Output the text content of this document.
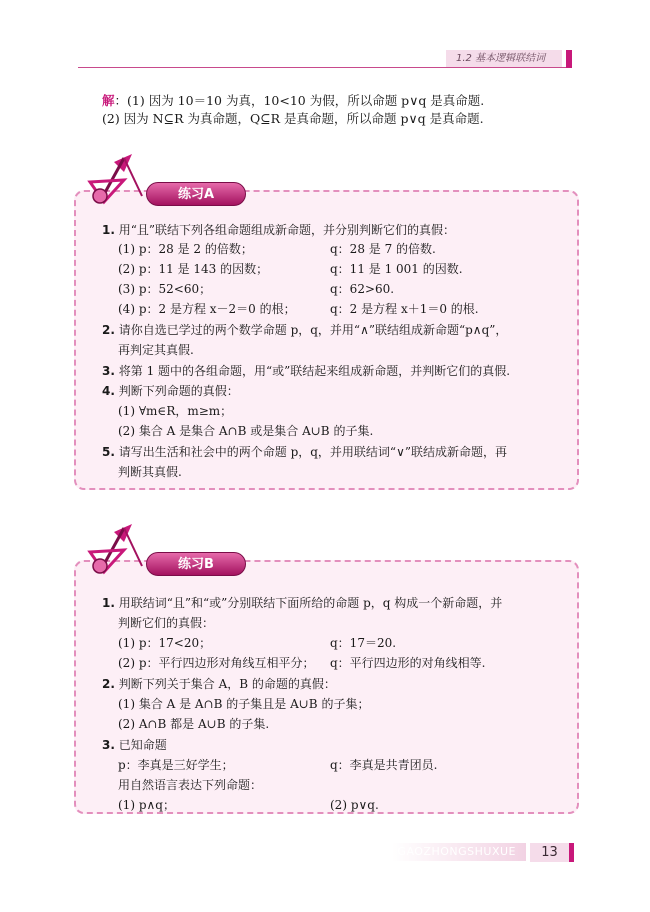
1.2 基本逻辑联结词
解：(1) 因为 10＝10 为真，10<10 为假，所以命题 p∨q 是真命题.
(2) 因为 N⊆R 为真命题，Q⊆R 是真命题，所以命题 p∨q 是真命题.
练习A
1. 用“且”联结下列各组命题组成新命题，并分别判断它们的真假：
(1) p：28 是 2 的倍数；	q：28 是 7 的倍数.
(2) p：11 是 143 的因数；	q：11 是 1 001 的因数.
(3) p：52<60；	q：62>60.
(4) p：2 是方程 x－2＝0 的根；	q：2 是方程 x＋1＝0 的根.
2. 请你自选已学过的两个数学命题 p，q，并用“∧”联结组成新命题“p∧q”，
再判定其真假.
3. 将第 1 题中的各组命题，用“或”联结起来组成新命题，并判断它们的真假.
4. 判断下列命题的真假：
(1) ∀m∈R，m≥m；
(2) 集合 A 是集合 A∩B 或是集合 A∪B 的子集.
5. 请写出生活和社会中的两个命题 p，q，并用联结词“∨”联结成新命题，再
判断其真假.
练习B
1. 用联结词“且”和“或”分别联结下面所给的命题 p，q 构成一个新命题，并
判断它们的真假：
(1) p：17<20；	q：17＝20.
(2) p：平行四边形对角线互相平分； q：平行四边形的对角线相等.
2. 判断下列关于集合 A，B 的命题的真假：
(1) 集合 A 是 A∩B 的子集且是 A∪B 的子集；
(2) A∩B 都是 A∪B 的子集.
3. 已知命题
p：李真是三好学生；	q：李真是共青团员.
用自然语言表达下列命题：
(1) p∧q；	(2) p∨q.
GAOZHONGSHUXUE	13
